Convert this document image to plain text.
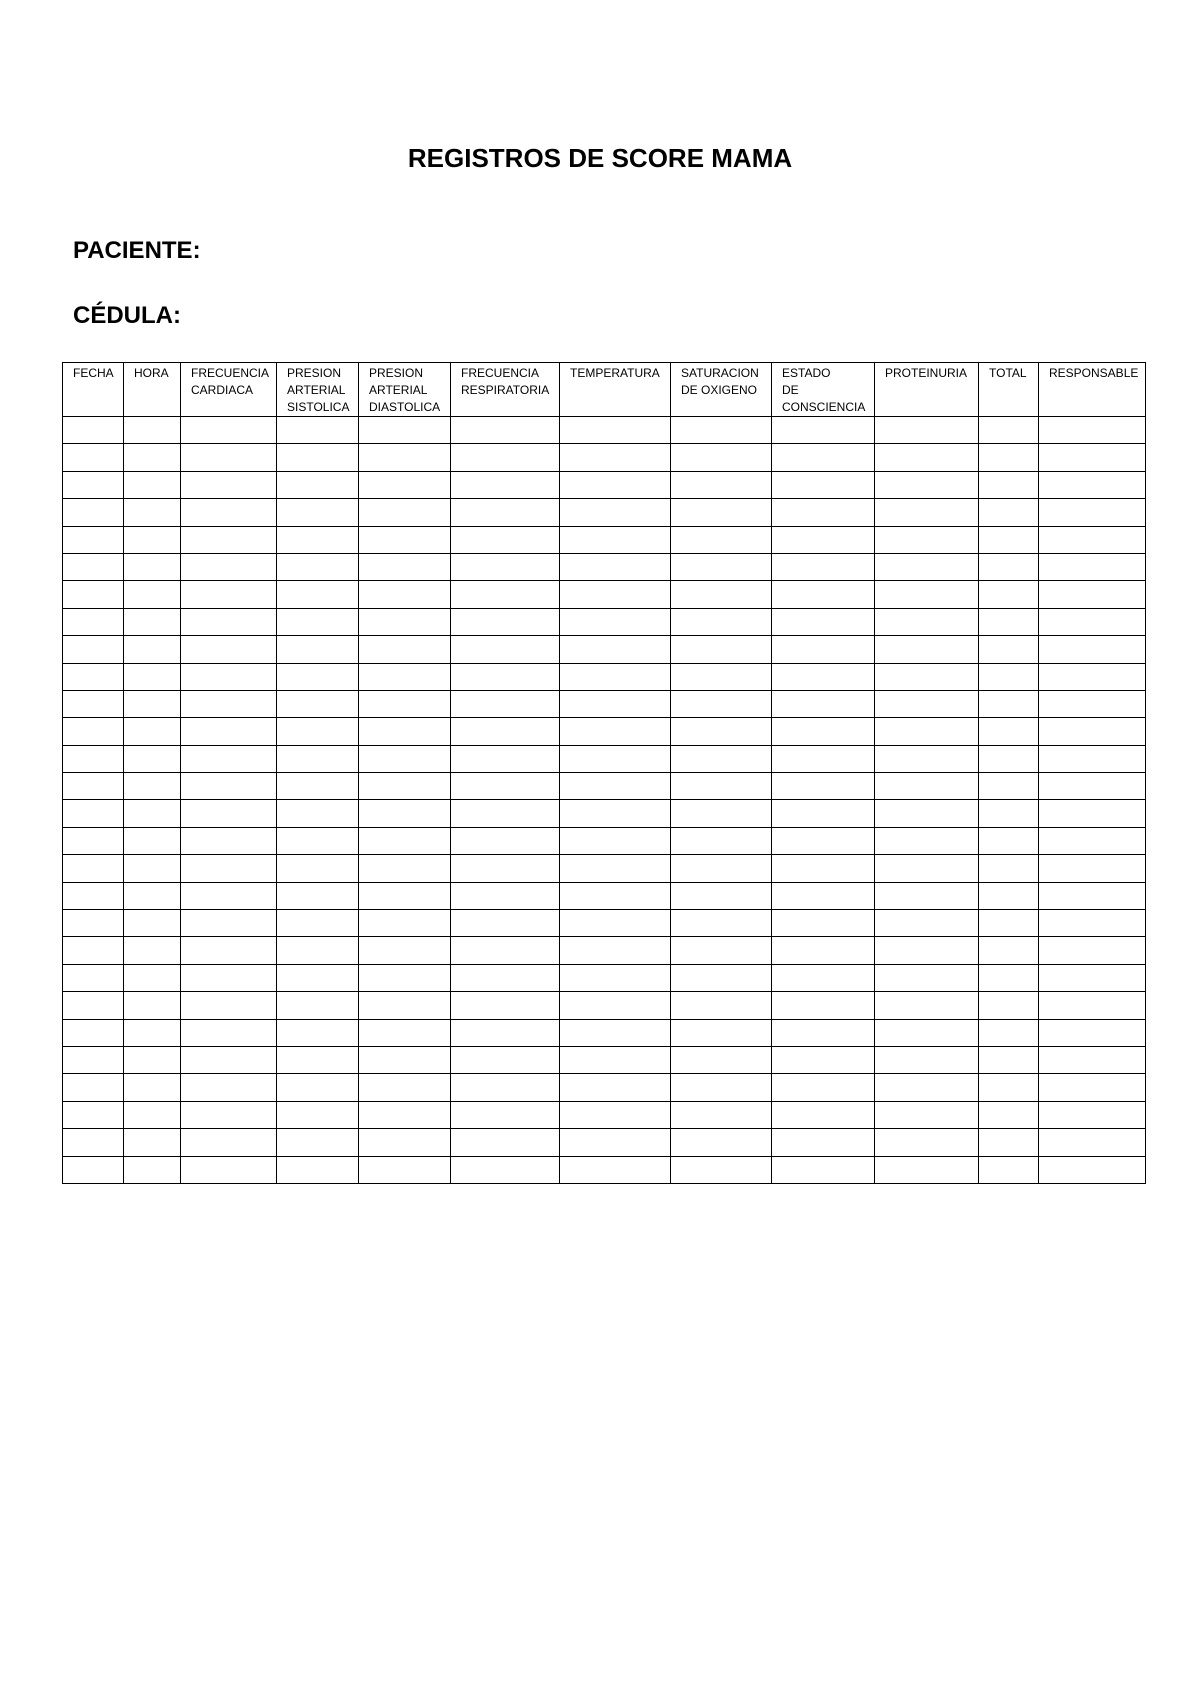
REGISTROS DE SCORE MAMA
PACIENTE:
CÉDULA:
FECHA	HORA	FRECUENCIA CARDIACA	PRESION ARTERIAL SISTOLICA	PRESION ARTERIAL DIASTOLICA	FRECUENCIA RESPIRATORIA	TEMPERATURA	SATURACION DE OXIGENO	ESTADO DE CONSCIENCIA	PROTEINURIA	TOTAL	RESPONSABLE
